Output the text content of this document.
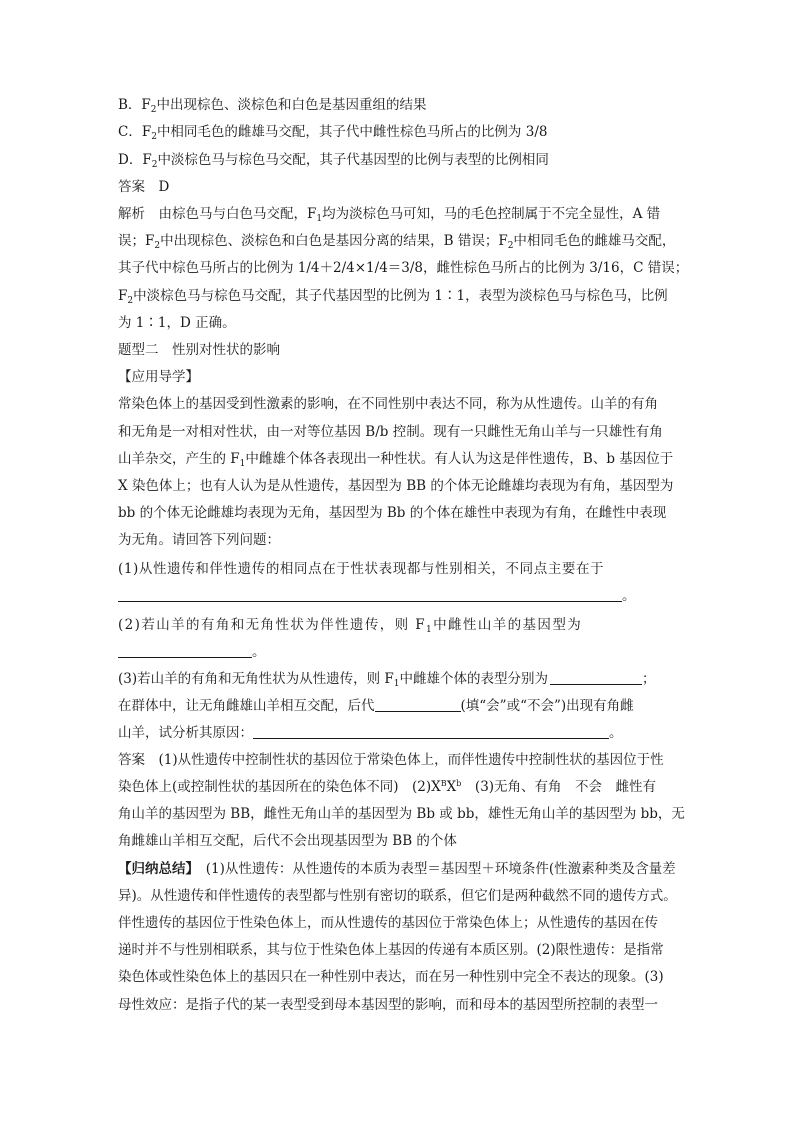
B．$F_2$中出现棕色、淡棕色和白色是基因重组的结果
C．$F_2$中相同毛色的雌雄马交配，其子代中雌性棕色马所占的比例为 3/8
D．$F_2$中淡棕色马与棕色马交配，其子代基因型的比例与表型的比例相同
答案　D
解析　由棕色马与白色马交配，$F_1$均为淡棕色马可知，马的毛色控制属于不完全显性，A 错
误；$F_2$中出现棕色、淡棕色和白色是基因分离的结果，B 错误；$F_2$中相同毛色的雌雄马交配，
其子代中棕色马所占的比例为 1/4＋2/4×1/4＝3/8，雌性棕色马所占的比例为 3/16，C 错误；
$F_2$中淡棕色马与棕色马交配，其子代基因型的比例为 1∶1，表型为淡棕色马与棕色马，比例
为 1∶1，D 正确。
题型二　性别对性状的影响
【应用导学】
常染色体上的基因受到性激素的影响，在不同性别中表达不同，称为从性遗传。山羊的有角
和无角是一对相对性状，由一对等位基因 B/b 控制。现有一只雌性无角山羊与一只雄性有角
山羊杂交，产生的 $F_1$中雌雄个体各表现出一种性状。有人认为这是伴性遗传，B、b 基因位于
X 染色体上；也有人认为是从性遗传，基因型为 BB 的个体无论雌雄均表现为有角，基因型为
bb 的个体无论雌雄均表现为无角，基因型为 Bb 的个体在雄性中表现为有角，在雌性中表现
为无角。请回答下列问题：
(1)从性遗传和伴性遗传的相同点在于性状表现都与性别相关，不同点主要在于
。
(2)若山羊的有角和无角性状为伴性遗传，则 $F_1$中雌性山羊的基因型为
。
(3)若山羊的有角和无角性状为从性遗传，则 $F_1$中雌雄个体的表型分别为	；
在群体中，让无角雌雄山羊相互交配，后代	(填“会”或“不会”)出现有角雌
山羊，试分析其原因：	。
答案　(1)从性遗传中控制性状的基因位于常染色体上，而伴性遗传中控制性状的基因位于性
染色体上(或控制性状的基因所在的染色体不同)　$(2)X^BX^b$　(3)无角、有角　不会　雌性有
角山羊的基因型为 BB，雌性无角山羊的基因型为 Bb 或 bb，雄性无角山羊的基因型为 bb，无
角雌雄山羊相互交配，后代不会出现基因型为 BB 的个体
【归纳总结】　(1)从性遗传：从性遗传的本质为表型＝基因型＋环境条件(性激素种类及含量差
异)。从性遗传和伴性遗传的表型都与性别有密切的联系，但它们是两种截然不同的遗传方式。
伴性遗传的基因位于性染色体上，而从性遗传的基因位于常染色体上；从性遗传的基因在传
递时并不与性别相联系，其与位于性染色体上基因的传递有本质区别。(2)限性遗传：是指常
染色体或性染色体上的基因只在一种性别中表达，而在另一种性别中完全不表达的现象。(3)
母性效应：是指子代的某一表型受到母本基因型的影响，而和母本的基因型所控制的表型一
